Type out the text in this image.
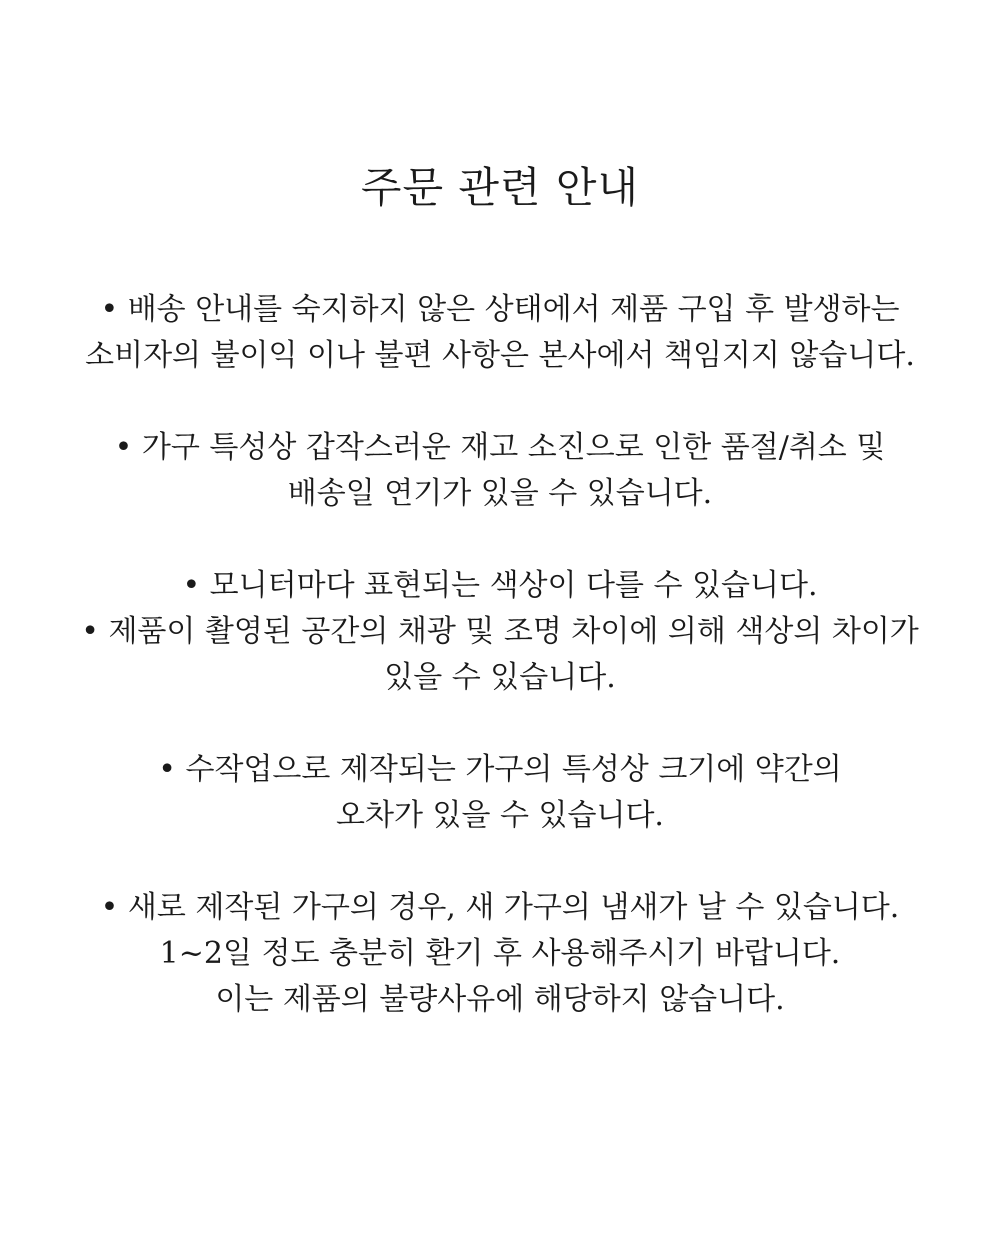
주문 관련 안내

• 배송 안내를 숙지하지 않은 상태에서 제품 구입 후 발생하는

소비자의 불이익 이나 불편 사항은 본사에서 책임지지 않습니다.

• 가구 특성상 갑작스러운 재고 소진으로 인한 품절/취소 및

배송일 연기가 있을 수 있습니다.

• 모니터마다 표현되는 색상이 다를 수 있습니다.

• 제품이 촬영된 공간의 채광 및 조명 차이에 의해 색상의 차이가

있을 수 있습니다.

• 수작업으로 제작되는 가구의 특성상 크기에 약간의

오차가 있을 수 있습니다.

• 새로 제작된 가구의 경우, 새 가구의 냄새가 날 수 있습니다.

1~2일 정도 충분히 환기 후 사용해주시기 바랍니다.

이는 제품의 불량사유에 해당하지 않습니다.
